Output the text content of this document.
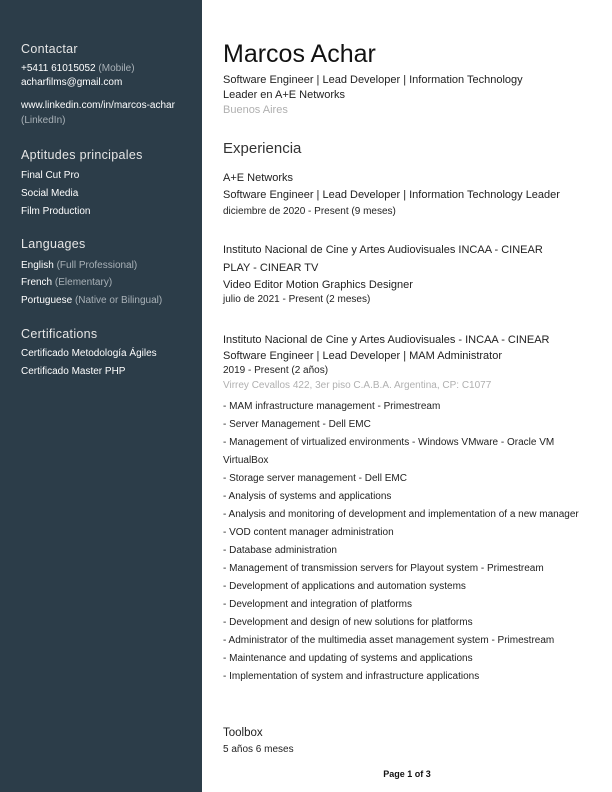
Contactar
+5411 61015052 (Mobile)
acharfilms@gmail.com
www.linkedin.com/in/marcos-achar
(LinkedIn)
Aptitudes principales
Final Cut Pro
Social Media
Film Production
Languages
English (Full Professional)
French (Elementary)
Portuguese (Native or Bilingual)
Certifications
Certificado Metodología Ágiles
Certificado Master PHP
Marcos Achar
Software Engineer | Lead Developer | Information Technology
Leader en A+E Networks
Buenos Aires
Experiencia
A+E Networks
Software Engineer | Lead Developer | Information Technology Leader
diciembre de 2020 - Present (9 meses)
Instituto Nacional de Cine y Artes Audiovisuales INCAA - CINEAR
PLAY - CINEAR TV
Video Editor Motion Graphics Designer
julio de 2021 - Present (2 meses)
Instituto Nacional de Cine y Artes Audiovisuales - INCAA - CINEAR
Software Engineer | Lead Developer | MAM Administrator
2019 - Present (2 años)
Virrey Cevallos 422, 3er piso C.A.B.A. Argentina, CP: C1077
- MAM infrastructure management - Primestream
- Server Management - Dell EMC
- Management of virtualized environments - Windows VMware - Oracle VM VirtualBox
- Storage server management - Dell EMC
- Analysis of systems and applications
- Analysis and monitoring of development and implementation of a new manager
- VOD content manager administration
- Database administration
- Management of transmission servers for Playout system - Primestream
- Development of applications and automation systems
- Development and integration of platforms
- Development and design of new solutions for platforms
- Administrator of the multimedia asset management system - Primestream
- Maintenance and updating of systems and applications
- Implementation of system and infrastructure applications
Toolbox
5 años 6 meses
Page 1 of 3
